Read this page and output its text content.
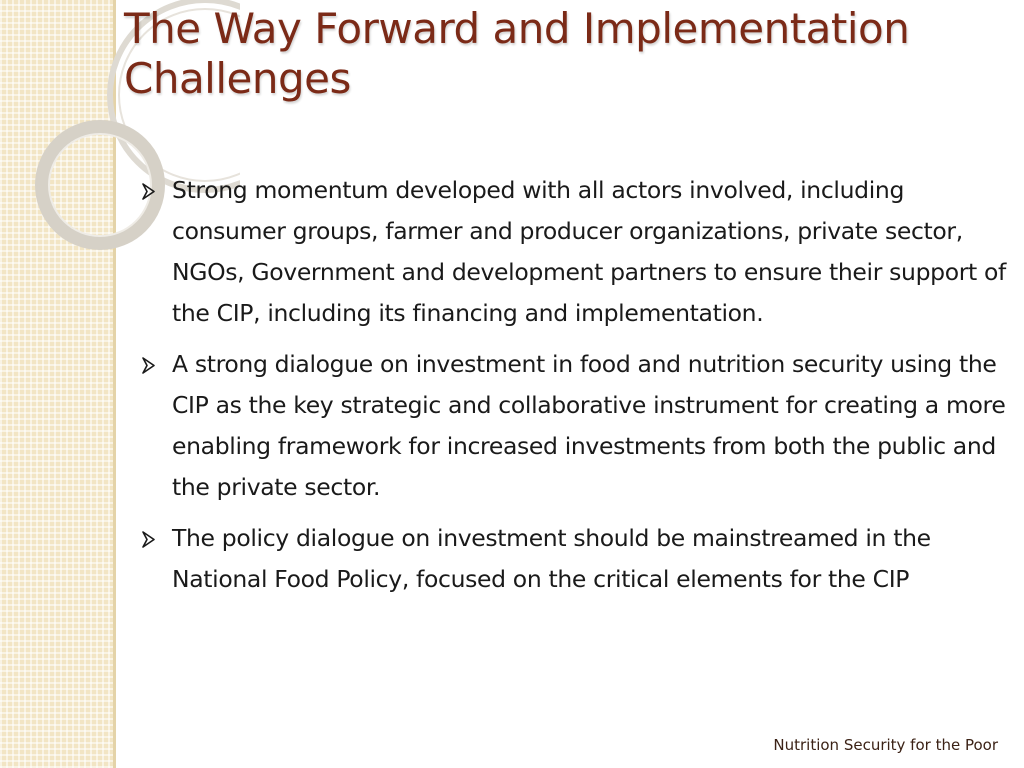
The Way Forward and Implementation
Challenges
Strong momentum developed with all actors involved, including consumer groups, farmer and producer organizations, private sector, NGOs, Government and development partners to ensure their support of the CIP, including its financing and implementation.
A strong dialogue on investment in food and nutrition security using the CIP as the key strategic and collaborative instrument for creating a more enabling framework for increased investments from both the public and the private sector.
The policy dialogue on investment should be mainstreamed in the National Food Policy, focused on the critical elements for the CIP
Nutrition Security for the Poor
